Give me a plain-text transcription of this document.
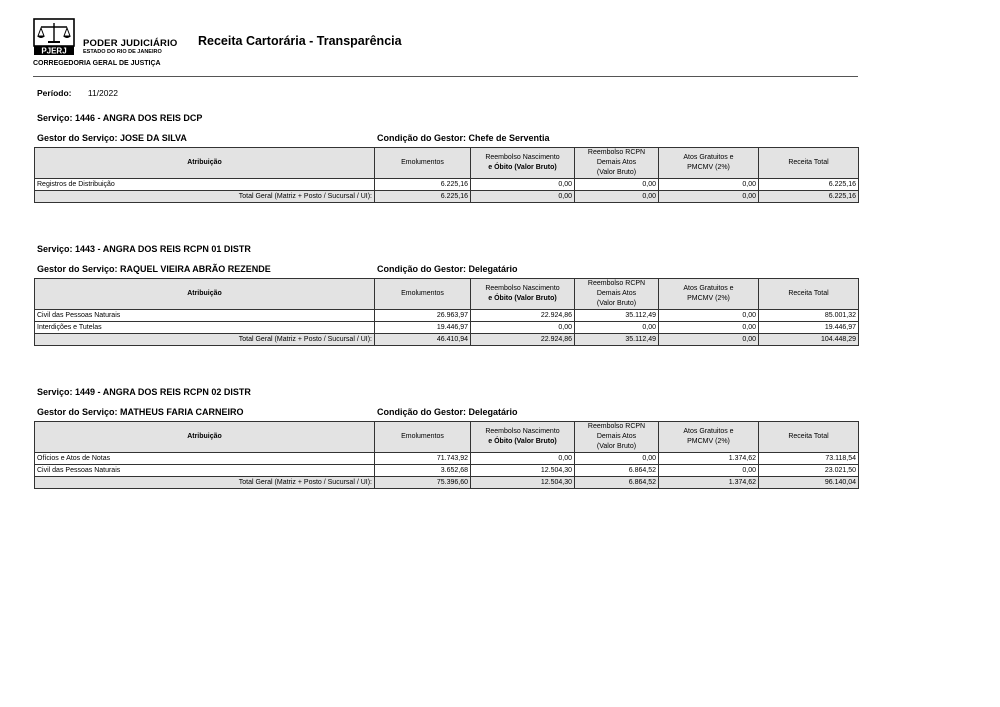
PJERJ
PODER JUDICIÁRIO
ESTADO DO RIO DE JANEIRO
CORREGEDORIA GERAL DE JUSTIÇA
Receita Cartorária - Transparência
Período: 11/2022
Serviço: 1446 - ANGRA DOS REIS DCP
Gestor do Serviço: JOSE DA SILVA	Condição do Gestor: Chefe de Serventia
Atribuição	Emolumentos	Reembolso Nascimento
e Óbito (Valor Bruto)	Reembolso RCPN
Demais Atos
(Valor Bruto)	Atos Gratuitos e
PMCMV (2%)	Receita Total
Registros de Distribuição	6.225,16	0,00	0,00	0,00	6.225,16
Total Geral (Matriz + Posto / Sucursal / UI):	6.225,16	0,00	0,00	0,00	6.225,16
Serviço: 1443 - ANGRA DOS REIS RCPN 01 DISTR
Gestor do Serviço: RAQUEL VIEIRA ABRÃO REZENDE	Condição do Gestor: Delegatário
Atribuição	Emolumentos	Reembolso Nascimento
e Óbito (Valor Bruto)	Reembolso RCPN
Demais Atos
(Valor Bruto)	Atos Gratuitos e
PMCMV (2%)	Receita Total
Civil das Pessoas Naturais	26.963,97	22.924,86	35.112,49	0,00	85.001,32
Interdições e Tutelas	19.446,97	0,00	0,00	0,00	19.446,97
Total Geral (Matriz + Posto / Sucursal / UI):	46.410,94	22.924,86	35.112,49	0,00	104.448,29
Serviço: 1449 - ANGRA DOS REIS RCPN 02 DISTR
Gestor do Serviço: MATHEUS FARIA CARNEIRO	Condição do Gestor: Delegatário
Atribuição	Emolumentos	Reembolso Nascimento
e Óbito (Valor Bruto)	Reembolso RCPN
Demais Atos
(Valor Bruto)	Atos Gratuitos e
PMCMV (2%)	Receita Total
Ofícios e Atos de Notas	71.743,92	0,00	0,00	1.374,62	73.118,54
Civil das Pessoas Naturais	3.652,68	12.504,30	6.864,52	0,00	23.021,50
Total Geral (Matriz + Posto / Sucursal / UI):	75.396,60	12.504,30	6.864,52	1.374,62	96.140,04
